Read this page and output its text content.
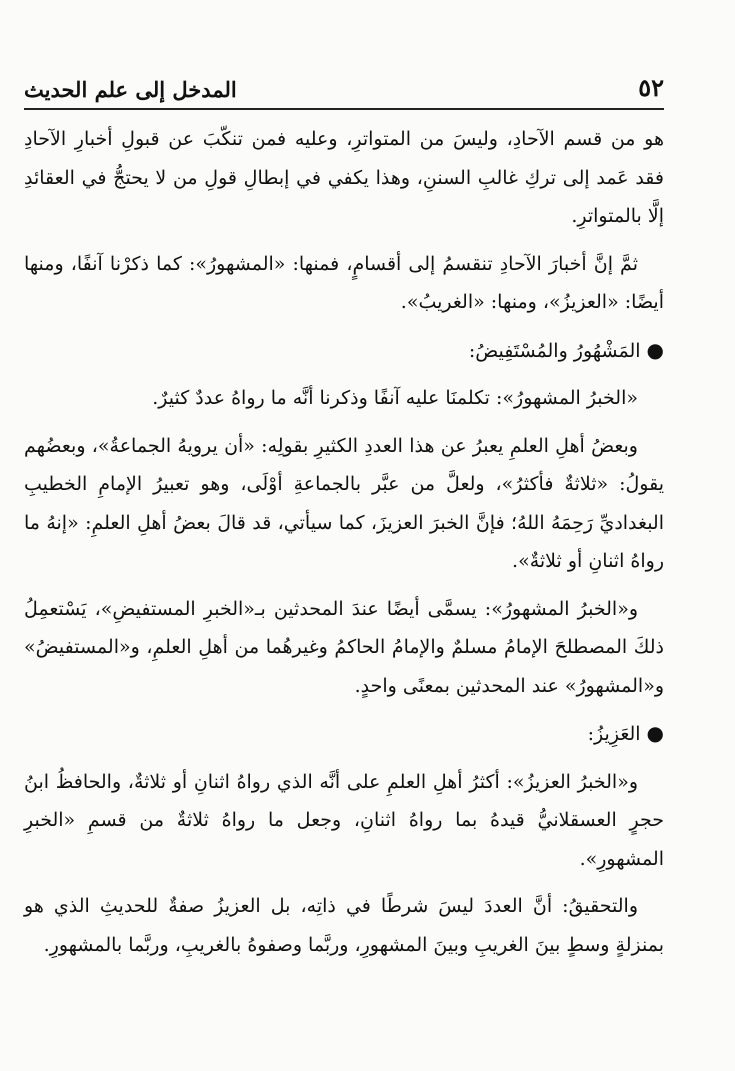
٥٢
المدخل إلى علم الحديث

هو من قسم الآحادِ، وليسَ من المتواترِ، وعليه فمن تنكّبَ عن قبولِ أخبارِ الآحادِ فقد عَمد إلى تركِ غالبِ السننِ، وهذا يكفي في إبطالِ قولِ من لا يحتجُّ في العقائدِ إلَّا بالمتواترِ.

ثمَّ إنَّ أخبارَ الآحادِ تنقسمُ إلى أقسامٍ، فمنها: «المشهورُ»: كما ذكرْنا آنفًا، ومنها أيضًا: «العزيزُ»، ومنها: «الغريبُ».

●المَشْهُورُ والمُسْتَفِيضُ:

«الخبرُ المشهورُ»: تكلمنَا عليه آنفًا وذكرنا أنَّه ما رواهُ عددٌ كثيرٌ.

وبعضُ أهلِ العلمِ يعبرُ عن هذا العددِ الكثيرِ بقولِه: «أن يرويهُ الجماعةُ»، وبعضُهم يقولُ: «ثلاثةٌ فأكثرُ»، ولعلَّ من عبَّر بالجماعةِ أوْلَى، وهو تعبيرُ الإمامِ الخطيبِ البغداديِّ رَحِمَهُ اللهُ؛ فإنَّ الخبرَ العزيزَ، كما سيأتي، قد قالَ بعضُ أهلِ العلمِ: «إنهُ ما رواهُ اثنانِ أو ثلاثةٌ».

و«الخبرُ المشهورُ»: يسمَّى أيضًا عندَ المحدثين بـ«الخبرِ المستفيضِ»، يَسْتعمِلُ ذلكَ المصطلحَ الإمامُ مسلمٌ والإمامُ الحاكمُ وغيرهُما من أهلِ العلمِ، و«المستفيضُ» و«المشهورُ» عند المحدثين بمعنًى واحدٍ.

●العَزِيزُ:

و«الخبرُ العزيزُ»: أكثرُ أهلِ العلمِ على أنَّه الذي رواهُ اثنانِ أو ثلاثةٌ، والحافظُ ابنُ حجرٍ العسقلانيُّ قيدهُ بما رواهُ اثنانِ، وجعل ما رواهُ ثلاثةٌ من قسمِ «الخبرِ المشهورِ».

والتحقيقُ: أنَّ العددَ ليسَ شرطًا في ذاتِه، بل العزيزُ صفةٌ للحديثِ الذي هو بمنزلةٍ وسطٍ بينَ الغريبِ وبينَ المشهورِ، وربَّما وصفوهُ بالغريبِ، وربَّما بالمشهورِ.
